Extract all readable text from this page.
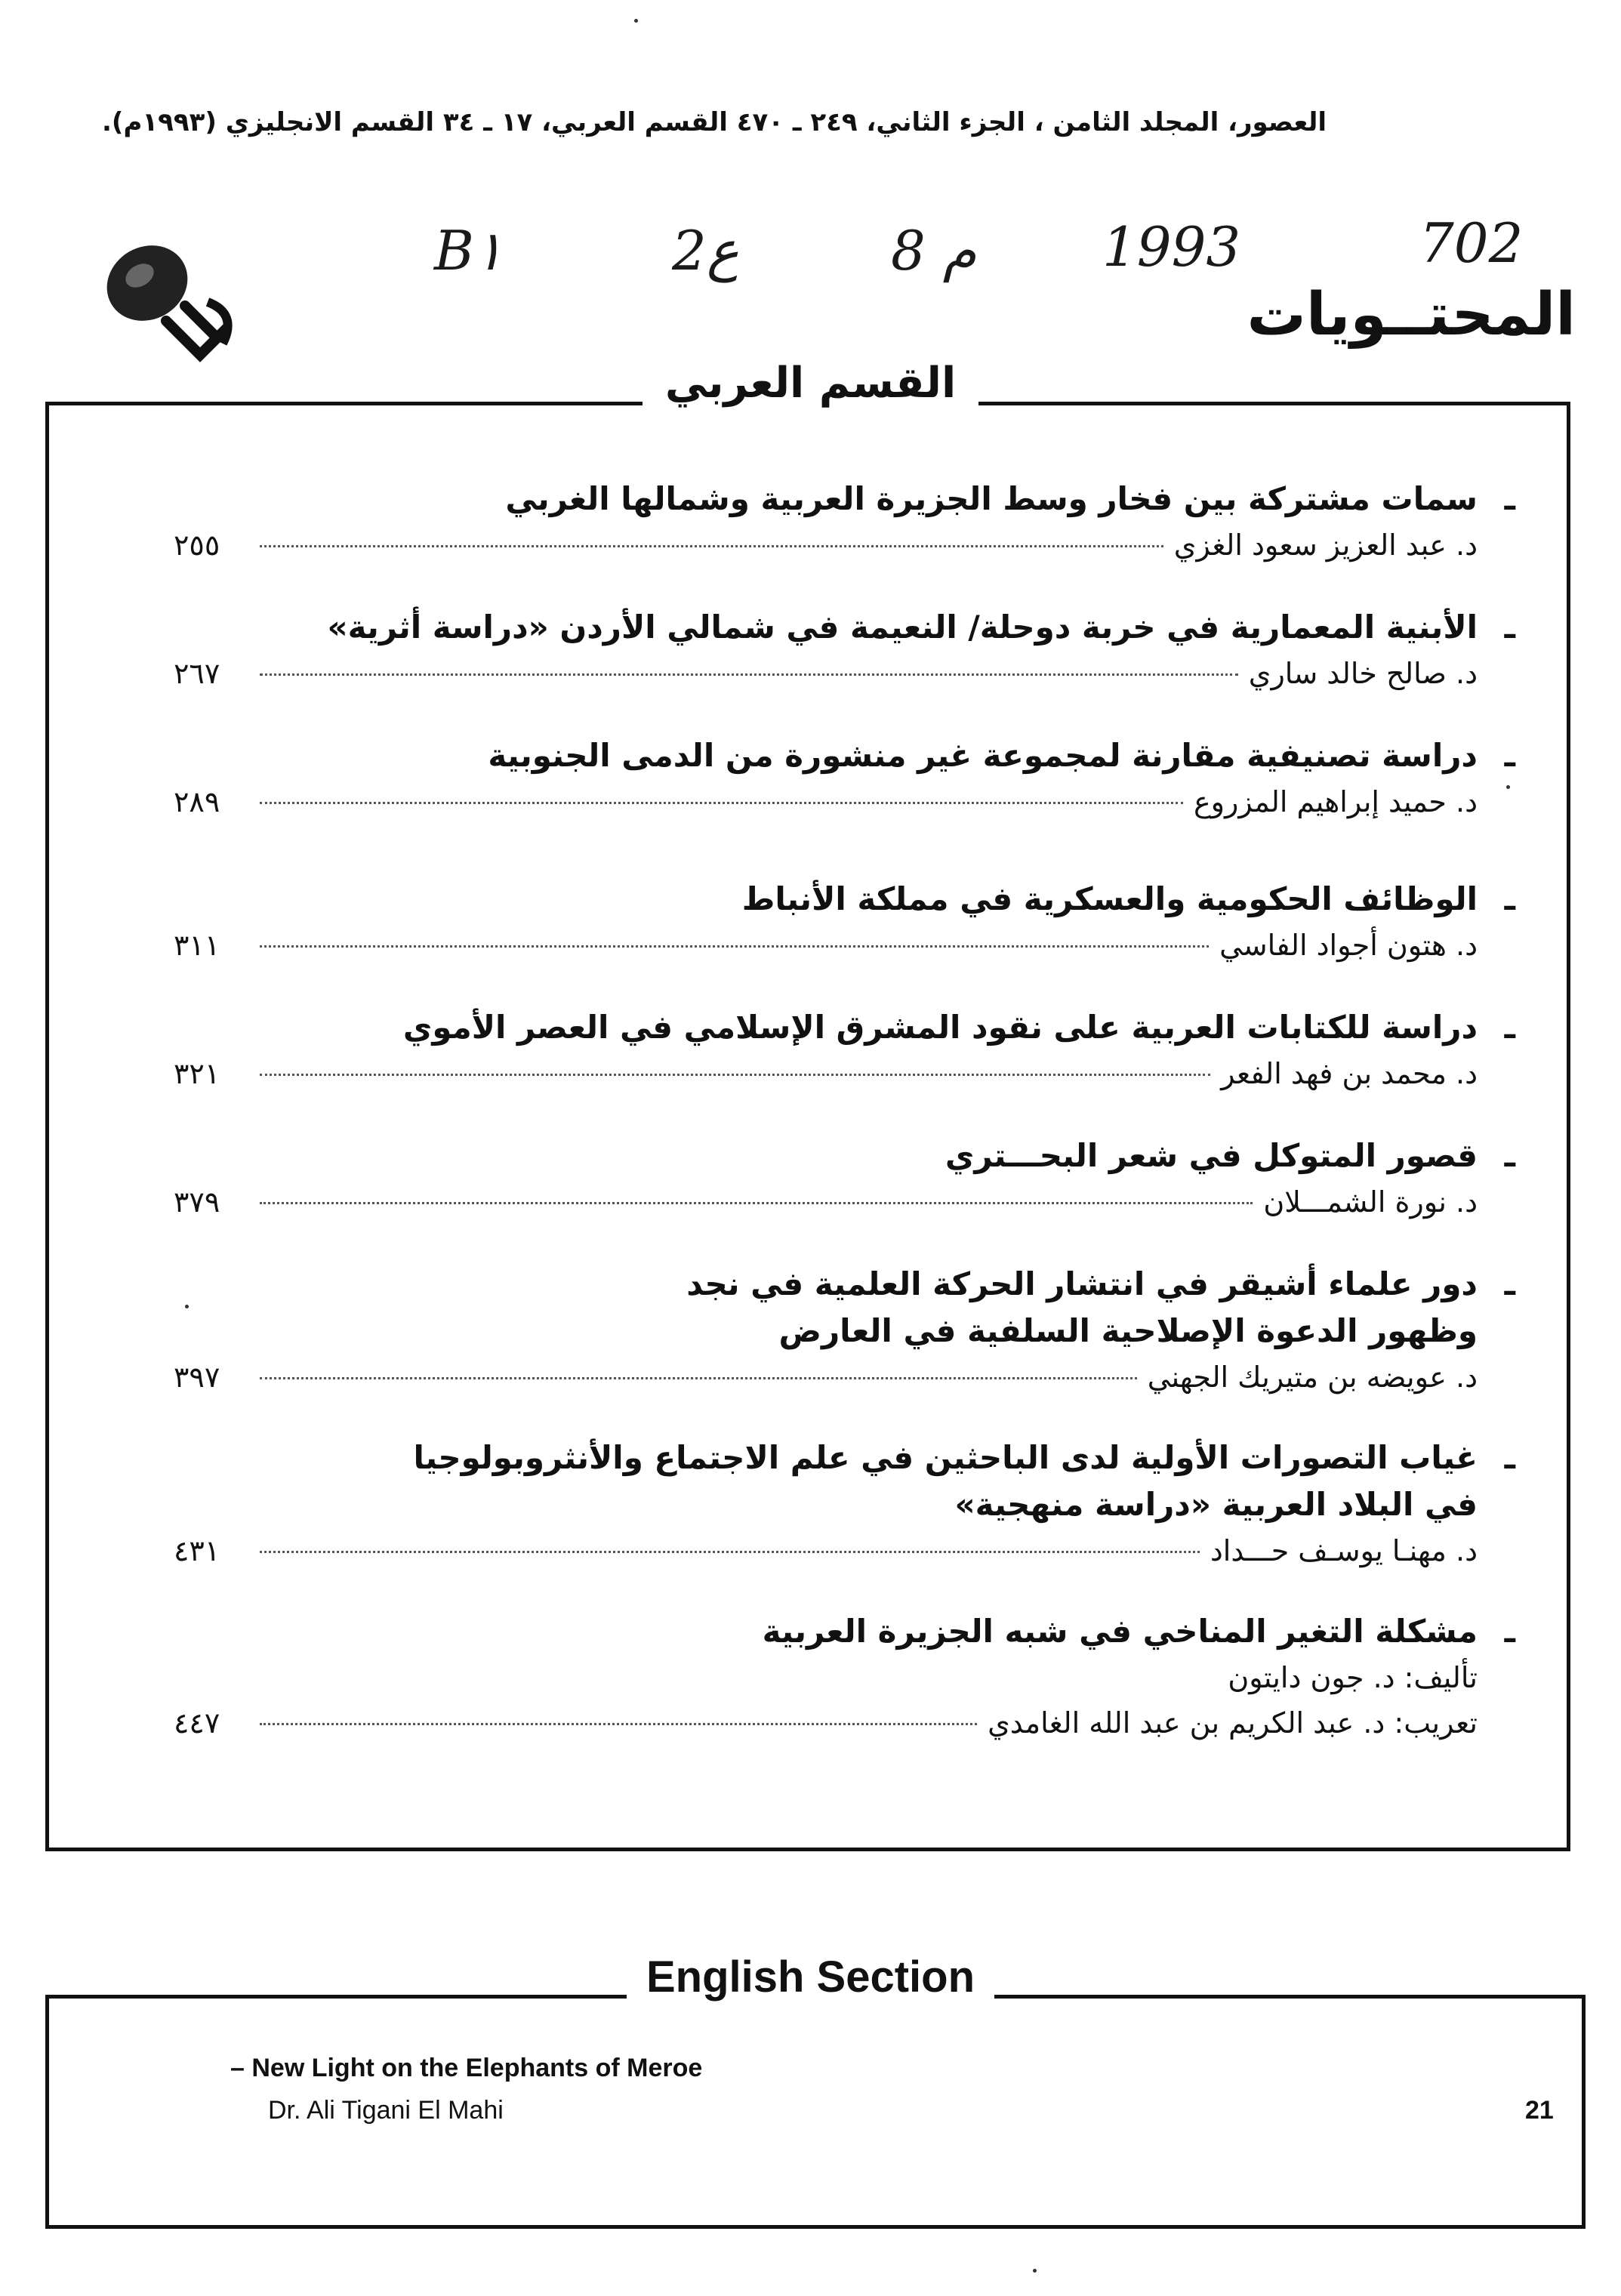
العصور، المجلد الثامن ، الجزء الثاني، ٢٤٩ ـ ٤٧٠ القسم العربي، ١٧ ـ ٣٤ القسم الانجليزي (١٩٩٣م).
B١	2ع	8 م 1993	702
المحتــويات
القسم العربي
ـ
سمات مشتركة بين فخار وسط الجزيرة العربية وشمالها الغربي
د. عبد العزيز سعود الغزي
٢٥٥
ـ
الأبنية المعمارية في خربة دوحلة/ النعيمة في شمالي الأردن «دراسة أثرية»
د. صالح خالد ساري
٢٦٧
ـ
دراسة تصنيفية مقارنة لمجموعة غير منشورة من الدمى الجنوبية
د. حميد إبراهيم المزروع
٢٨٩
ـ
الوظائف الحكومية والعسكرية في مملكة الأنباط
د. هتون أجواد الفاسي
٣١١
ـ
دراسة للكتابات العربية على نقود المشرق الإسلامي في العصر الأموي
د. محمد بن فهد الفعر
٣٢١
ـ
قصور المتوكل في شعر البحـــتري
د. نورة الشمـــلان
٣٧٩
ـ
دور علماء أشيقر في انتشار الحركة العلمية في نجد
وظهور الدعوة الإصلاحية السلفية في العارض
د. عويضه بن متيريك الجهني
٣٩٧
ـ
غياب التصورات الأولية لدى الباحثين في علم الاجتماع والأنثروبولوجيا
في البلاد العربية «دراسة منهجية»
د. مهنـا يوسـف حـــداد
٤٣١
ـ
مشكلة التغير المناخي في شبه الجزيرة العربية
تأليف: د. جون دايتون
تعريب: د. عبد الكريم بن عبد الله الغامدي
٤٤٧
English Section
– New Light on the Elephants of Meroe
Dr. Ali Tigani El Mahi	21
